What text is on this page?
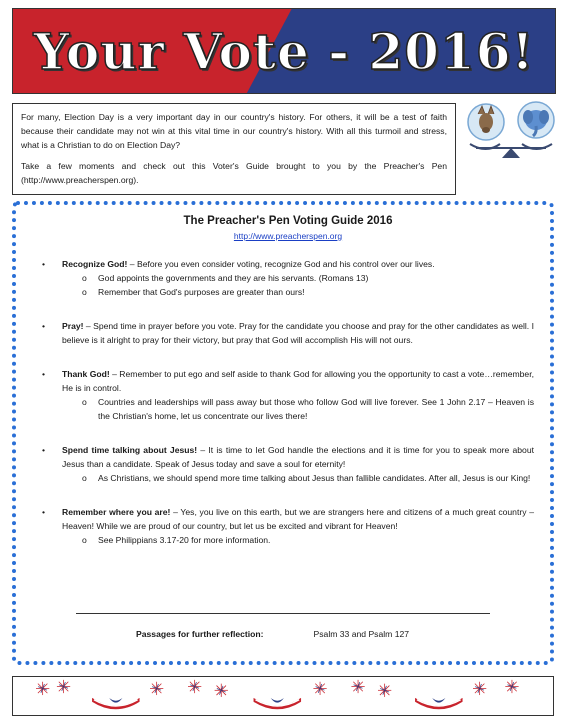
Your Vote - 2016!

For many, Election Day is a very important day in our country's history. For others, it will be a test of faith because their candidate may not win at this vital time in our country's history. With all this turmoil and stress, what is a Christian to do on Election Day?

Take a few moments and check out this Voter's Guide brought to you by the Preacher's Pen (http://www.preacherspen.org).

The Preacher's Pen Voting Guide 2016
http://www.preacherspen.org
• Recognize God! – Before you even consider voting, recognize God and his control over our lives.
o God appoints the governments and they are his servants. (Romans 13)
o Remember that God's purposes are greater than ours!
• Pray! – Spend time in prayer before you vote. Pray for the candidate you choose and pray for the other candidates as well. I believe is it alright to pray for their victory, but pray that God will accomplish His will not ours.
• Thank God! – Remember to put ego and self aside to thank God for allowing you the opportunity to cast a vote…remember, He is in control.
o Countries and leaderships will pass away but those who follow God will live forever. See 1 John 2.17 – Heaven is the Christian's home, let us concentrate our lives there!
• Spend time talking about Jesus! – It is time to let God handle the elections and it is time for you to speak more about Jesus than a candidate. Speak of Jesus today and save a soul for eternity!
o As Christians, we should spend more time talking about Jesus than fallible candidates. After all, Jesus is our King!
• Remember where you are! – Yes, you live on this earth, but we are strangers here and citizens of a much great country – Heaven! While we are proud of our country, but let us be excited and vibrant for Heaven!
o See Philippians 3.17-20 for more information.
Passages for further reflection:	Psalm 33 and Psalm 127
